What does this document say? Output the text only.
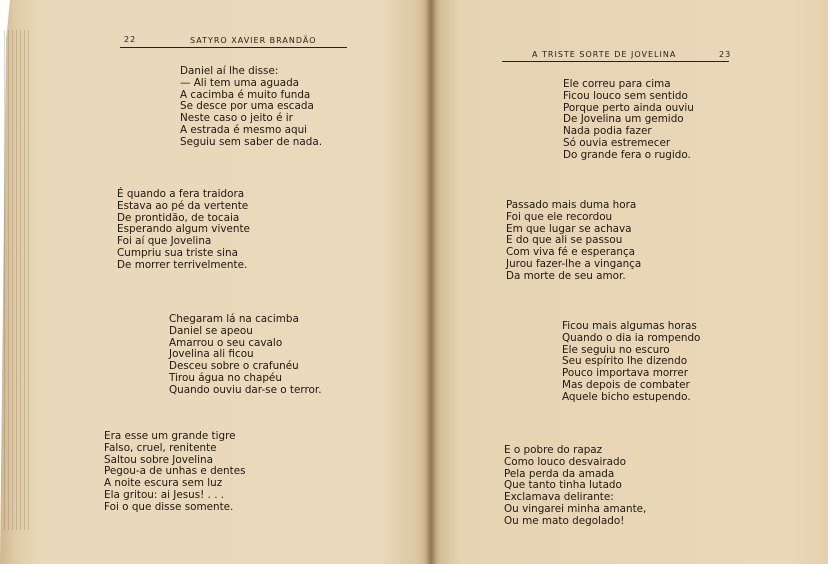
22	SATYRO XAVIER BRANDÃO
A TRISTE SORTE DE JOVELINA	23
Daniel aí lhe disse:
— Ali tem uma aguada
A cacimba é muito funda
Se desce por uma escada
Neste caso o jeito é ir
A estrada é mesmo aqui
Seguiu sem saber de nada.
É quando a fera traidora
Estava ao pé da vertente
De prontidão, de tocaia
Esperando algum vivente
Foi aí que Jovelina
Cumpriu sua triste sina
De morrer terrivelmente.
Chegaram lá na cacimba
Daniel se apeou
Amarrou o seu cavalo
Jovelina ali ficou
Desceu sobre o crafunéu
Tirou água no chapéu
Quando ouviu dar-se o terror.
Era esse um grande tigre
Falso, cruel, renitente
Saltou sobre Jovelina
Pegou-a de unhas e dentes
A noite escura sem luz
Ela gritou: ai Jesus! . . .
Foi o que disse somente.
Ele correu para cima
Ficou louco sem sentido
Porque perto ainda ouviu
De Jovelina um gemido
Nada podia fazer
Só ouvia estremecer
Do grande fera o rugido.
Passado mais duma hora
Foi que ele recordou
Em que lugar se achava
E do que ali se passou
Com viva fé e esperança
Jurou fazer-lhe a vingança
Da morte de seu amor.
Ficou mais algumas horas
Quando o dia ia rompendo
Ele seguiu no escuro
Seu espírito lhe dizendo
Pouco importava morrer
Mas depois de combater
Aquele bicho estupendo.
E o pobre do rapaz
Como louco desvairado
Pela perda da amada
Que tanto tinha lutado
Exclamava delirante:
Ou vingarei minha amante,
Ou me mato degolado!
